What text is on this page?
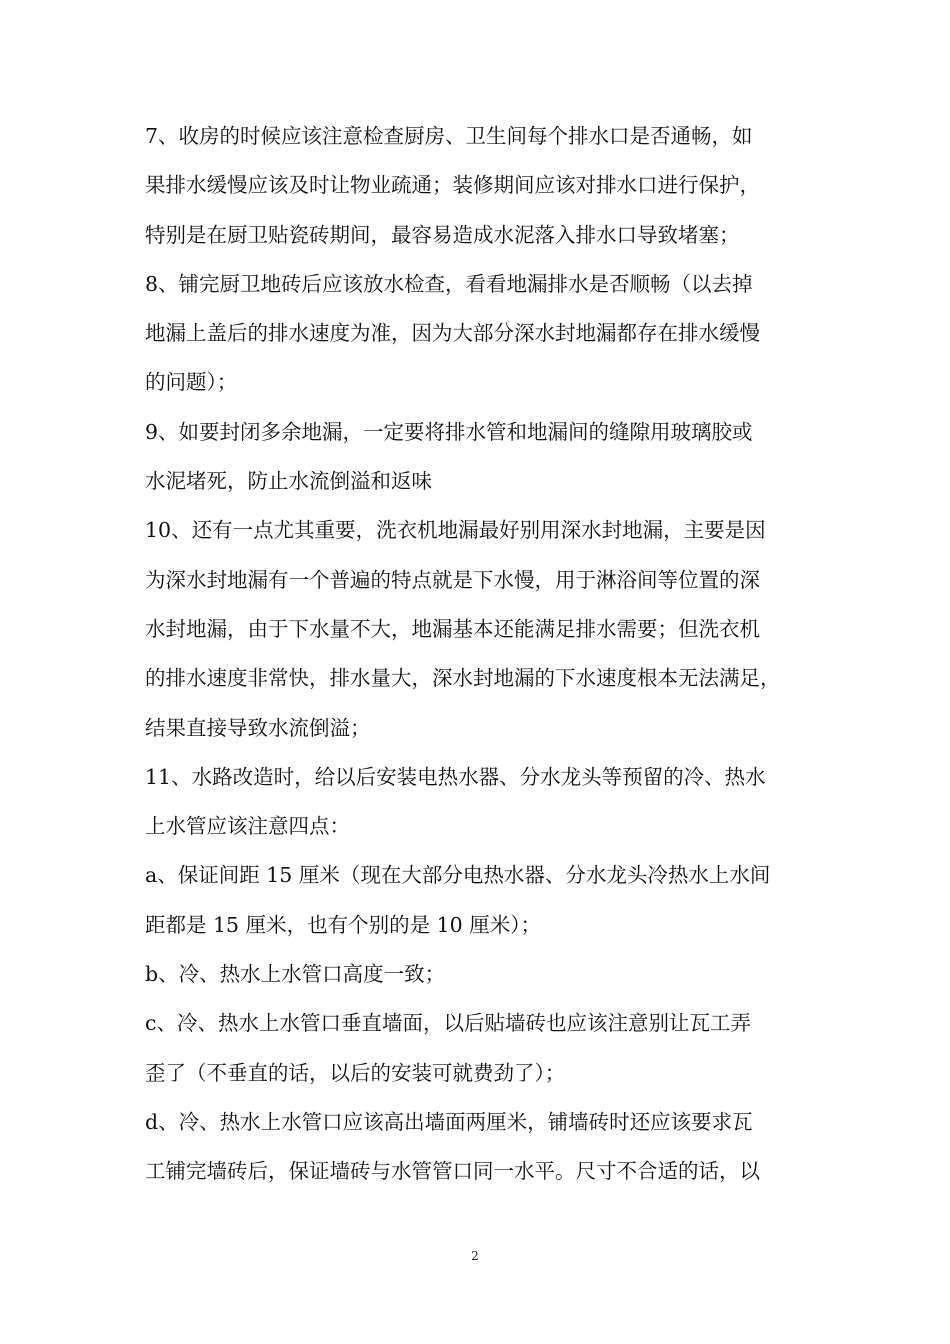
7、收房的时候应该注意检查厨房、卫生间每个排水口是否通畅，如
果排水缓慢应该及时让物业疏通；装修期间应该对排水口进行保护，
特别是在厨卫贴瓷砖期间，最容易造成水泥落入排水口导致堵塞；
8、铺完厨卫地砖后应该放水检查，看看地漏排水是否顺畅（以去掉
地漏上盖后的排水速度为准，因为大部分深水封地漏都存在排水缓慢
的问题）；
9、如要封闭多余地漏，一定要将排水管和地漏间的缝隙用玻璃胶或
水泥堵死，防止水流倒溢和返味
10、还有一点尤其重要，洗衣机地漏最好别用深水封地漏，主要是因
为深水封地漏有一个普遍的特点就是下水慢，用于淋浴间等位置的深
水封地漏，由于下水量不大，地漏基本还能满足排水需要；但洗衣机
的排水速度非常快，排水量大，深水封地漏的下水速度根本无法满足，
结果直接导致水流倒溢；
11、水路改造时，给以后安装电热水器、分水龙头等预留的冷、热水
上水管应该注意四点：
a、保证间距 15 厘米（现在大部分电热水器、分水龙头冷热水上水间
距都是 15 厘米，也有个别的是 10 厘米）；
b、冷、热水上水管口高度一致；
c、冷、热水上水管口垂直墙面，以后贴墙砖也应该注意别让瓦工弄
歪了（不垂直的话，以后的安装可就费劲了）；
d、冷、热水上水管口应该高出墙面两厘米，铺墙砖时还应该要求瓦
工铺完墙砖后，保证墙砖与水管管口同一水平。尺寸不合适的话，以
2
